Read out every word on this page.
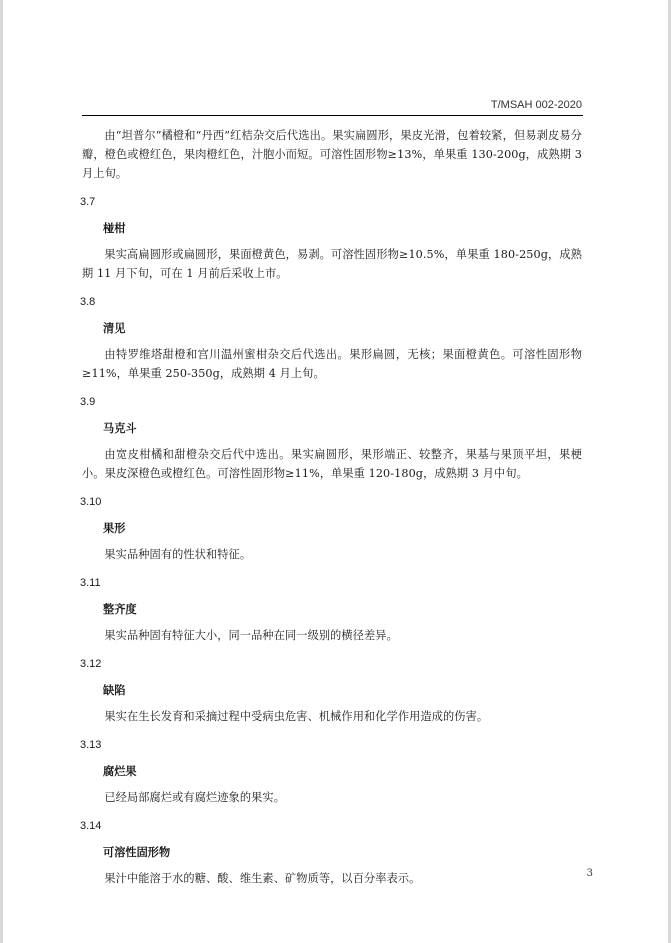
T/MSAH 002-2020

由“坦普尔”橘橙和“丹西”红桔杂交后代选出。果实扁圆形，果皮光滑，包着较紧，但易剥皮易分瓣，橙色或橙红色，果肉橙红色，汁胞小而短。可溶性固形物≥13%，单果重 130-200g，成熟期 3 月上旬。

3.7
椪柑

果实高扁圆形或扁圆形，果面橙黄色，易剥。可溶性固形物≥10.5%，单果重 180-250g，成熟期 11 月下旬，可在 1 月前后采收上市。

3.8
清见

由特罗维塔甜橙和宫川温州蜜柑杂交后代选出。果形扁圆，无核；果面橙黄色。可溶性固形物≥11%，单果重 250-350g，成熟期 4 月上旬。

3.9
马克斗

由宽皮柑橘和甜橙杂交后代中选出。果实扁圆形，果形端正、较整齐，果基与果顶平坦，果梗小。果皮深橙色或橙红色。可溶性固形物≥11%，单果重 120-180g，成熟期 3 月中旬。

3.10
果形

果实品种固有的性状和特征。

3.11
整齐度

果实品种固有特征大小，同一品种在同一级别的横径差异。

3.12
缺陷

果实在生长发育和采摘过程中受病虫危害、机械作用和化学作用造成的伤害。

3.13
腐烂果

已经局部腐烂或有腐烂迹象的果实。

3.14
可溶性固形物

果汁中能溶于水的糖、酸、维生素、矿物质等，以百分率表示。	3
